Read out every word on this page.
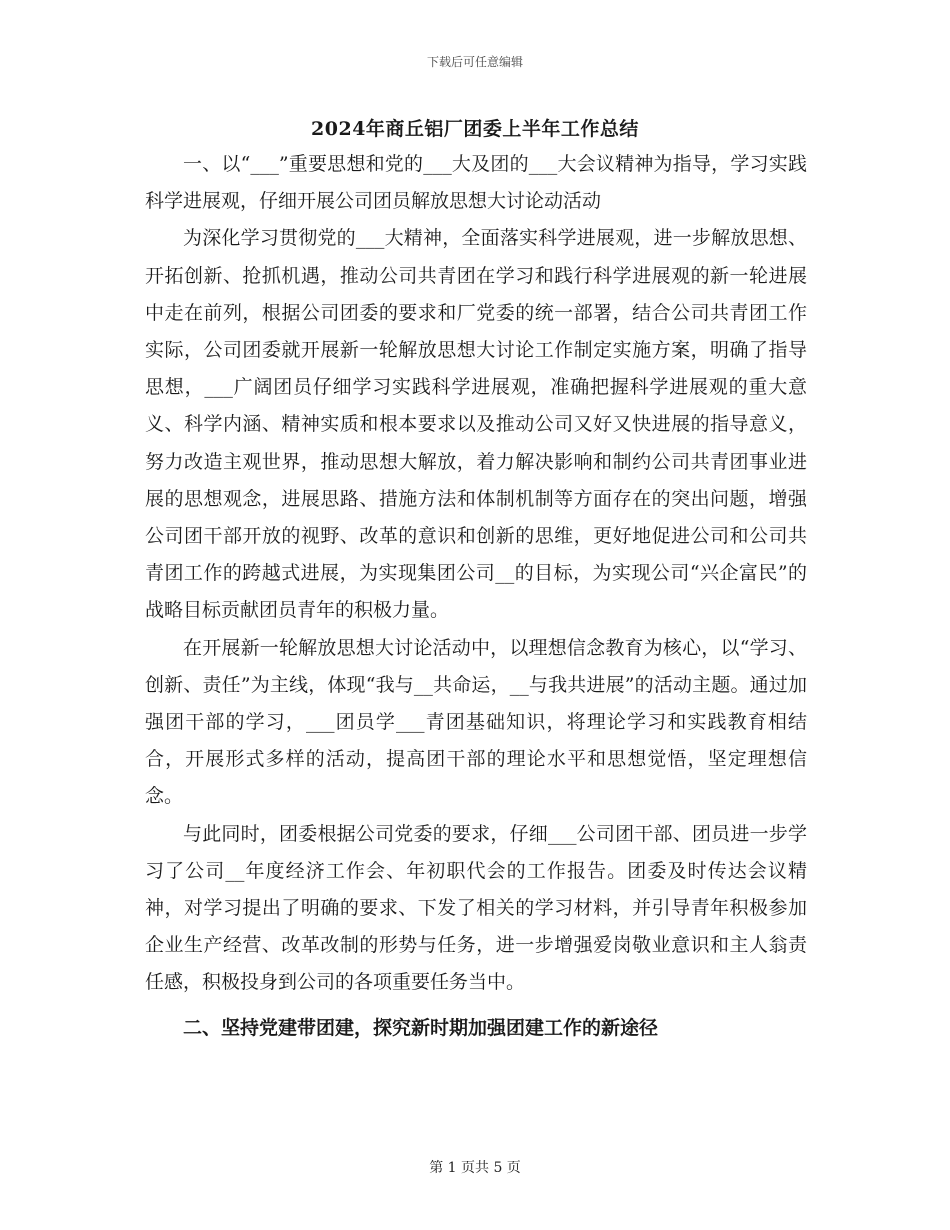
下载后可任意编辑
2024年商丘铝厂团委上半年工作总结

一、以“___”重要思想和党的___大及团的___大会议精神为指导，学习实践科学进展观，仔细开展公司团员解放思想大讨论动活动

为深化学习贯彻党的___大精神，全面落实科学进展观，进一步解放思想、开拓创新、抢抓机遇，推动公司共青团在学习和践行科学进展观的新一轮进展中走在前列，根据公司团委的要求和厂党委的统一部署，结合公司共青团工作实际，公司团委就开展新一轮解放思想大讨论工作制定实施方案，明确了指导思想，___广阔团员仔细学习实践科学进展观，准确把握科学进展观的重大意义、科学内涵、精神实质和根本要求以及推动公司又好又快进展的指导意义，努力改造主观世界，推动思想大解放，着力解决影响和制约公司共青团事业进展的思想观念，进展思路、措施方法和体制机制等方面存在的突出问题，增强公司团干部开放的视野、改革的意识和创新的思维，更好地促进公司和公司共青团工作的跨越式进展，为实现集团公司__的目标，为实现公司“兴企富民”的战略目标贡献团员青年的积极力量。

在开展新一轮解放思想大讨论活动中，以理想信念教育为核心，以“学习、创新、责任”为主线，体现“我与__共命运，__与我共进展”的活动主题。通过加强团干部的学习，___团员学___青团基础知识，将理论学习和实践教育相结合，开展形式多样的活动，提高团干部的理论水平和思想觉悟，坚定理想信念。

与此同时，团委根据公司党委的要求，仔细___公司团干部、团员进一步学习了公司__年度经济工作会、年初职代会的工作报告。团委及时传达会议精神，对学习提出了明确的要求、下发了相关的学习材料，并引导青年积极参加企业生产经营、改革改制的形势与任务，进一步增强爱岗敬业意识和主人翁责任感，积极投身到公司的各项重要任务当中。

二、坚持党建带团建，探究新时期加强团建工作的新途径

第 1 页共 5 页
